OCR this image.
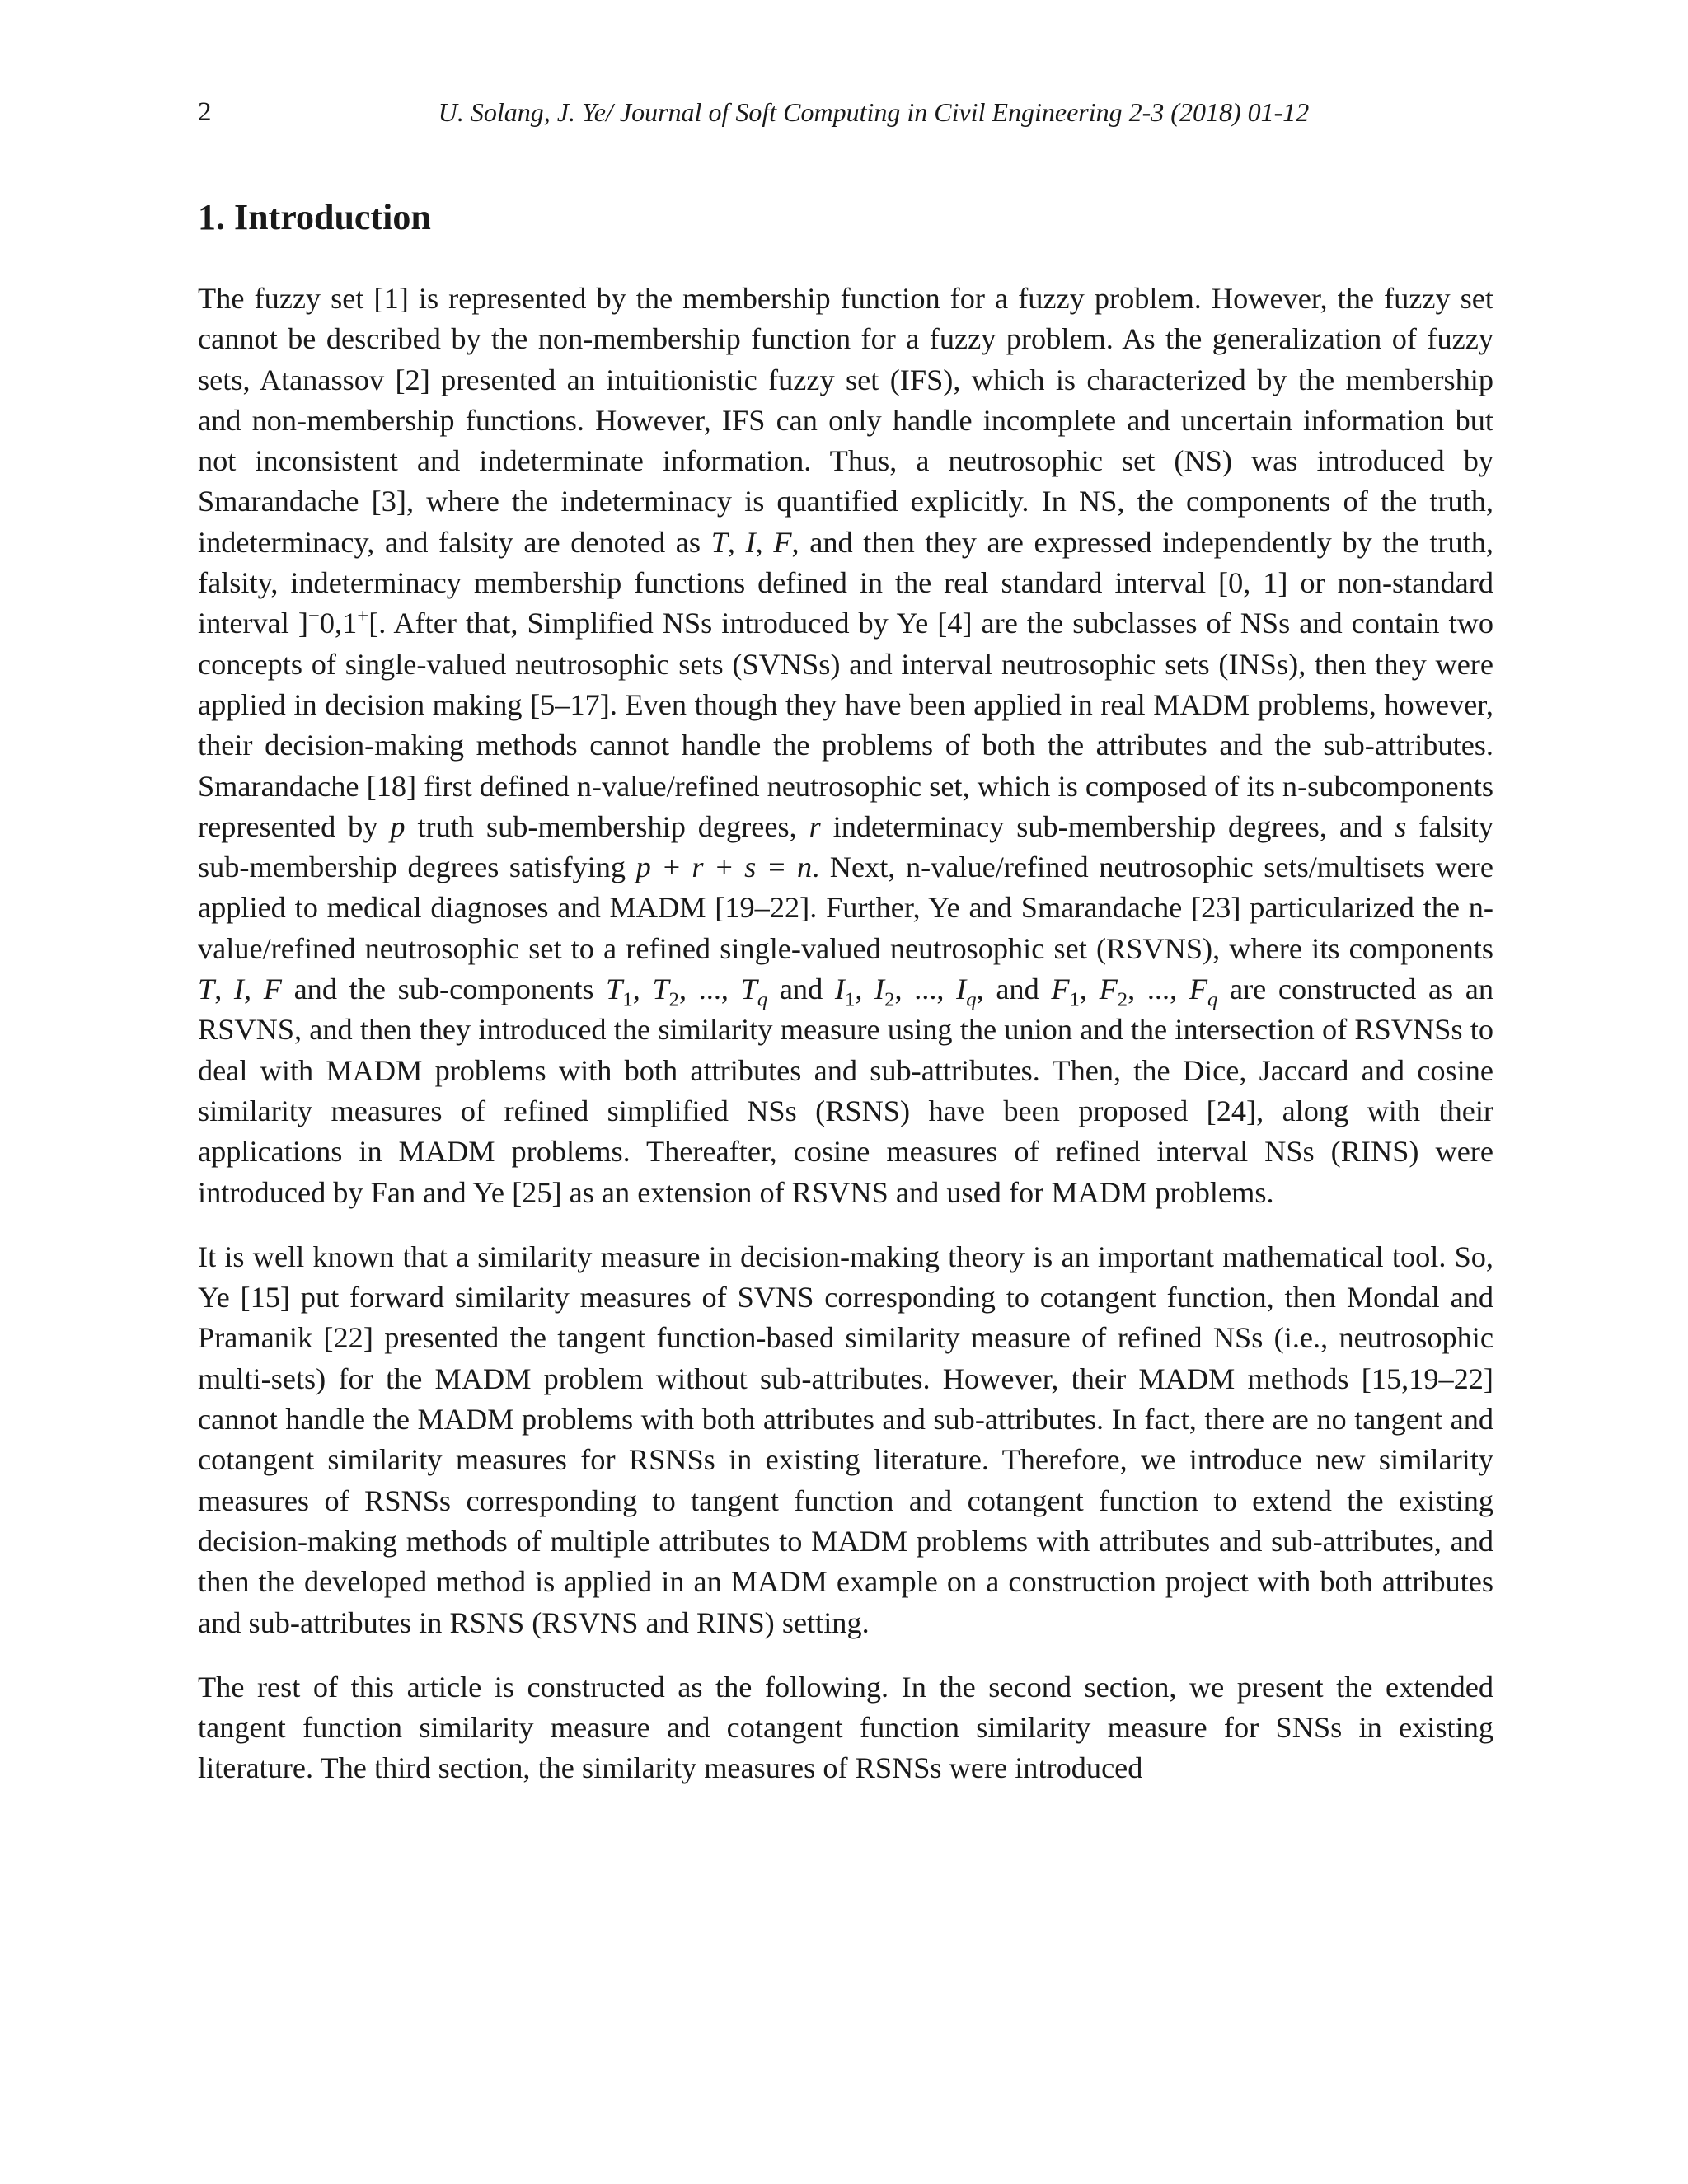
2	U. Solang, J. Ye/ Journal of Soft Computing in Civil Engineering 2-3 (2018) 01-12
1. Introduction

The fuzzy set [1] is represented by the membership function for a fuzzy problem. However, the fuzzy set cannot be described by the non-membership function for a fuzzy problem. As the generalization of fuzzy sets, Atanassov [2] presented an intuitionistic fuzzy set (IFS), which is characterized by the membership and non-membership functions. However, IFS can only handle incomplete and uncertain information but not inconsistent and indeterminate information. Thus, a neutrosophic set (NS) was introduced by Smarandache [3], where the indeterminacy is quantified explicitly. In NS, the components of the truth, indeterminacy, and falsity are denoted as T, I, F, and then they are expressed independently by the truth, falsity, indeterminacy membership functions defined in the real standard interval [0, 1] or non-standard interval ]−0,1+[. After that, Simplified NSs introduced by Ye [4] are the subclasses of NSs and contain two concepts of single-valued neutrosophic sets (SVNSs) and interval neutrosophic sets (INSs), then they were applied in decision making [5–17]. Even though they have been applied in real MADM problems, however, their decision-making methods cannot handle the problems of both the attributes and the sub-attributes. Smarandache [18] first defined n-value/refined neutrosophic set, which is composed of its n-subcomponents represented by p truth sub-membership degrees, r indeterminacy sub-membership degrees, and s falsity sub-membership degrees satisfying p + r + s = n. Next, n-value/refined neutrosophic sets/multisets were applied to medical diagnoses and MADM [19–22]. Further, Ye and Smarandache [23] particularized the n-value/refined neutrosophic set to a refined single-valued neutrosophic set (RSVNS), where its components T, I, F and the sub-components $T_1$, $T_2$, ..., $T_q$ and $I_1$, $I_2$, ..., $I_q$, and $F_1$, $F_2$, ..., $F_q$ are constructed as an RSVNS, and then they introduced the similarity measure using the union and the intersection of RSVNSs to deal with MADM problems with both attributes and sub-attributes. Then, the Dice, Jaccard and cosine similarity measures of refined simplified NSs (RSNS) have been proposed [24], along with their applications in MADM problems. Thereafter, cosine measures of refined interval NSs (RINS) were introduced by Fan and Ye [25] as an extension of RSVNS and used for MADM problems.

It is well known that a similarity measure in decision-making theory is an important mathematical tool. So, Ye [15] put forward similarity measures of SVNS corresponding to cotangent function, then Mondal and Pramanik [22] presented the tangent function-based similarity measure of refined NSs (i.e., neutrosophic multi-sets) for the MADM problem without sub-attributes. However, their MADM methods [15,19–22] cannot handle the MADM problems with both attributes and sub-attributes. In fact, there are no tangent and cotangent similarity measures for RSNSs in existing literature. Therefore, we introduce new similarity measures of RSNSs corresponding to tangent function and cotangent function to extend the existing decision-making methods of multiple attributes to MADM problems with attributes and sub-attributes, and then the developed method is applied in an MADM example on a construction project with both attributes and sub-attributes in RSNS (RSVNS and RINS) setting.

The rest of this article is constructed as the following. In the second section, we present the extended tangent function similarity measure and cotangent function similarity measure for SNSs in existing literature. The third section, the similarity measures of RSNSs were introduced
